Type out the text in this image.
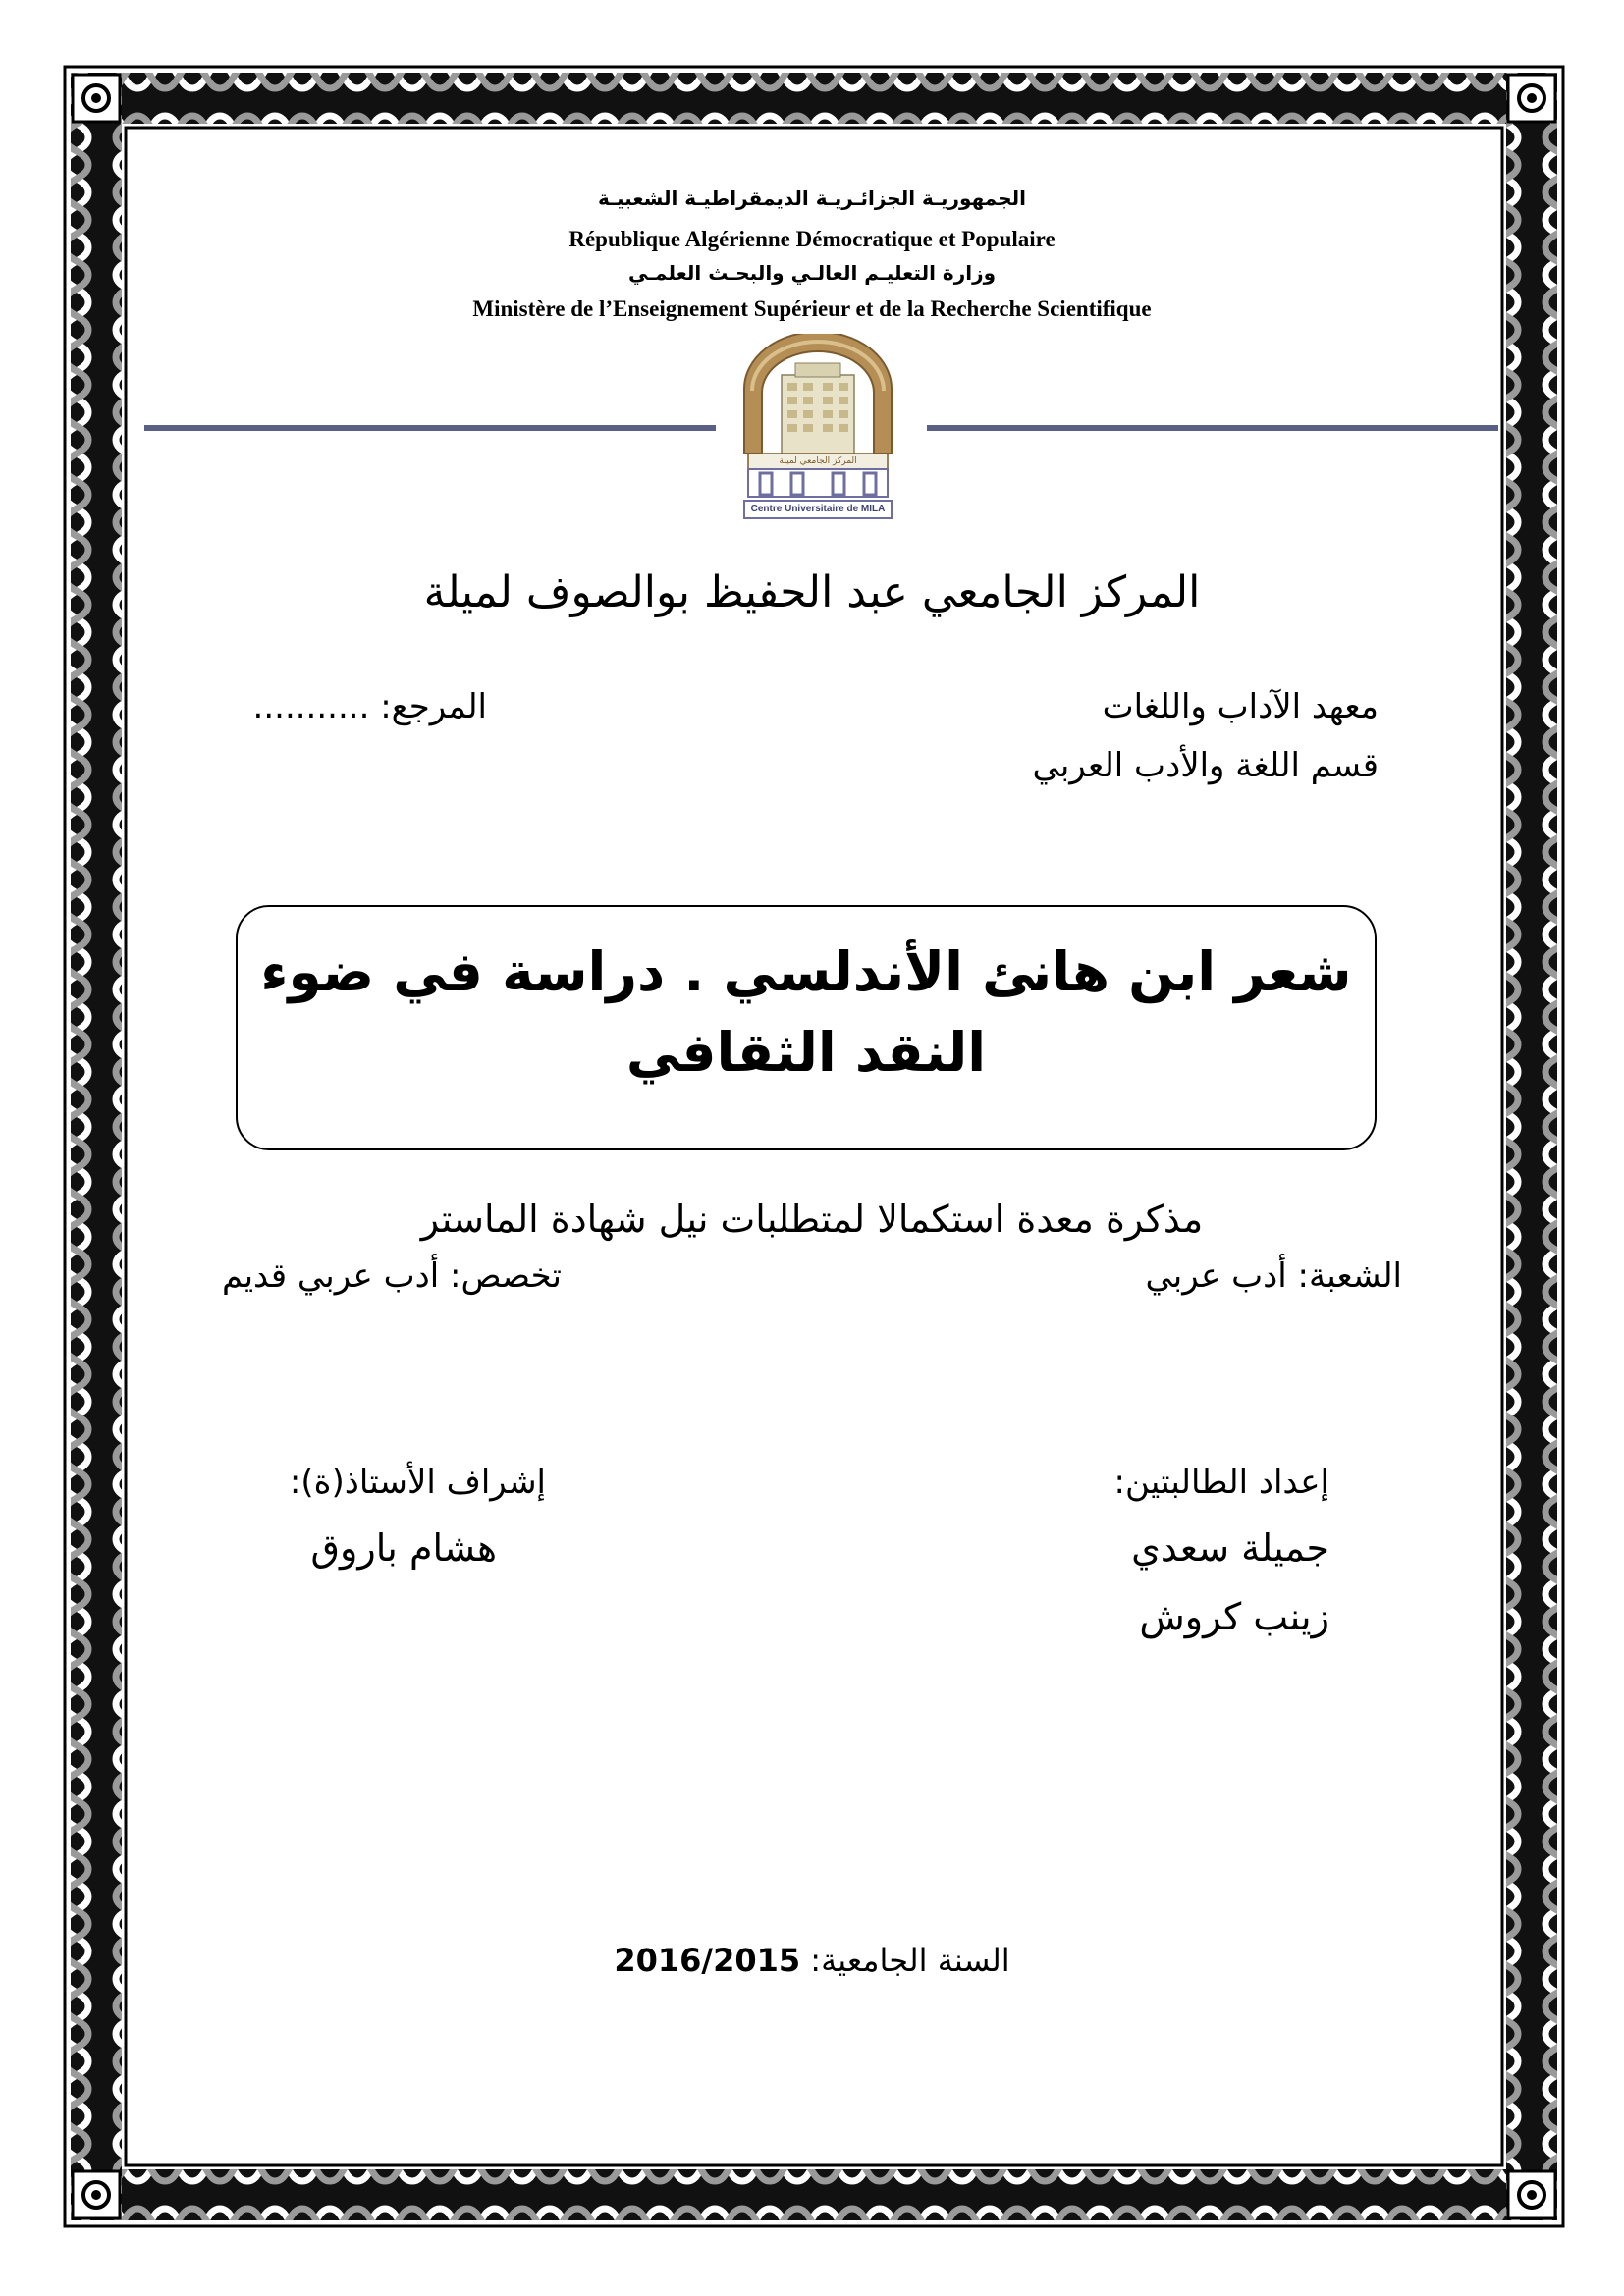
الجمهوريـة الجزائـريـة الديمقراطيـة الشعبيـة
République Algérienne Démocratique et Populaire
وزارة التعليـم العالـي والبحـث العلمـي
Ministère de l’Enseignement Supérieur et de la Recherche Scientifique
المركز الجامعي لميلة
Centre Universitaire de MILA
المركز الجامعي عبد الحفيظ بوالصوف لميلة
معهد الآداب واللغات
قسم اللغة والأدب العربي
المرجع: ...........
شعر ابن هانئ الأندلسي . دراسة في ضوء
النقد الثقافي
مذكرة معدة استكمالا لمتطلبات نيل شهادة الماستر
الشعبة: أدب عربي
تخصص: أدب عربي قديم
إعداد الطالبتين:
جميلة سعدي
زينب كروش
إشراف الأستاذ(ة):
هشام باروق
السنة الجامعية: 2016/2015
